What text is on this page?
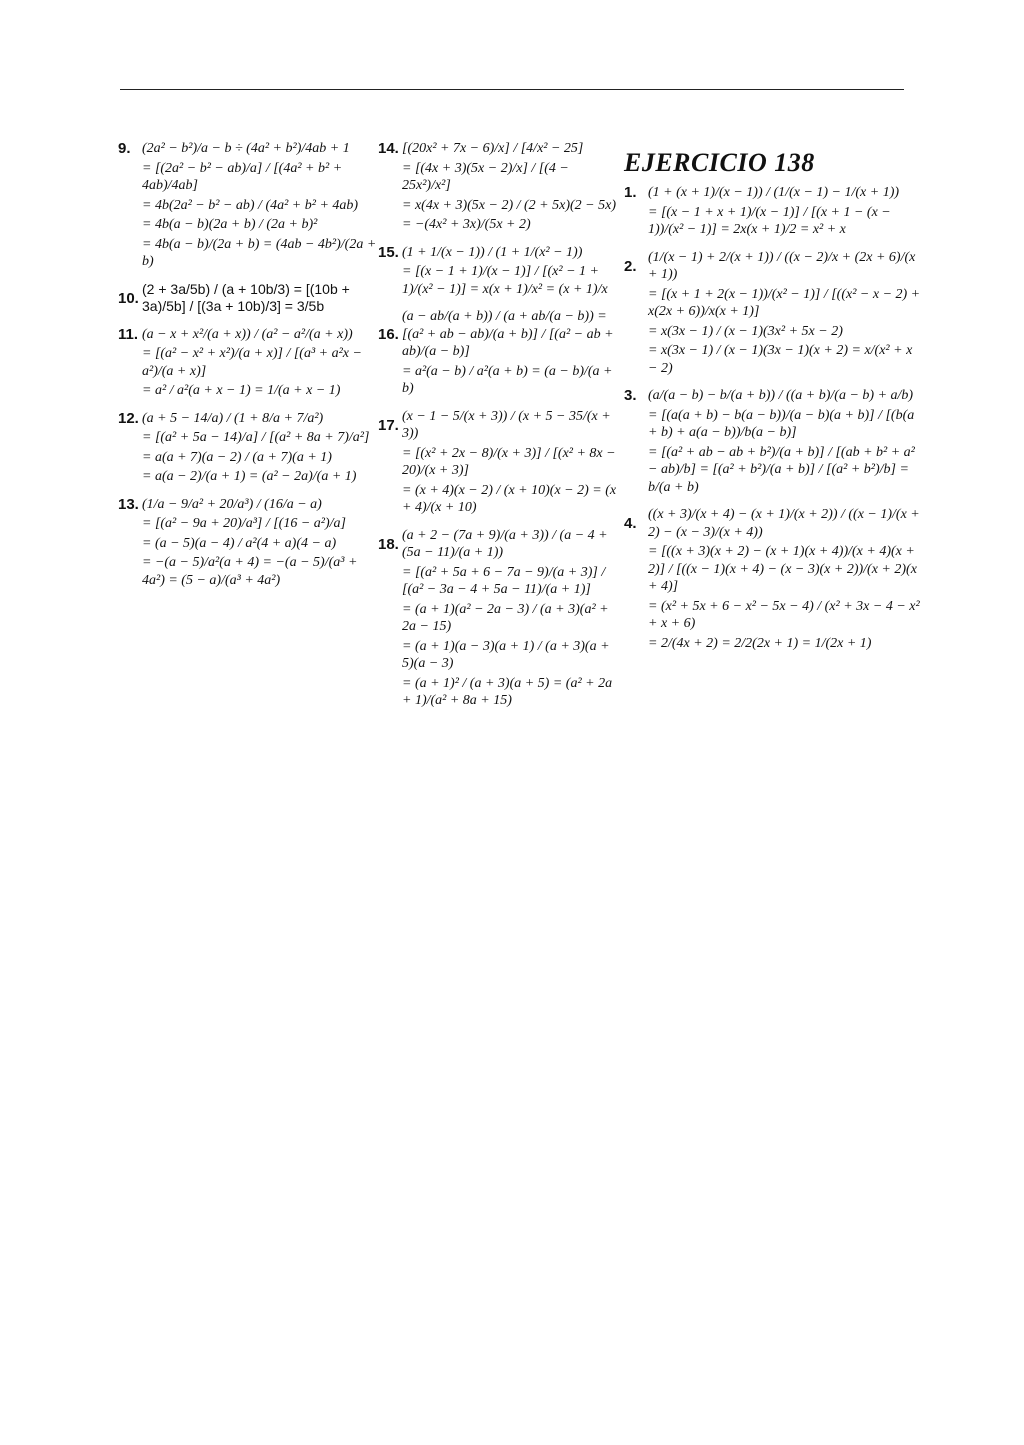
9. (2a² − b²)/a − b ÷ (4a² + b²)/4ab + 1
= [(2a² − b² − ab)/a] / [(4a² + b² + 4ab)/4ab]
= 4b(2a² − b² − ab) / (4a² + b² + 4ab)
= 4b(a − b)(2a + b) / (2a + b)²
= 4b(a − b)/(2a + b) = (4ab − 4b²)/(2a + b)
10.
(2 + 3a/5b) / (a + 10b/3) = [(10b + 3a)/5b] / [(3a + 10b)/3] = 3/5b
11. (a − x + x²/(a + x)) / (a² − a²/(a + x))
= [(a² − x² + x²)/(a + x)] / [(a³ + a²x − a²)/(a + x)]
= a² / a²(a + x − 1) = 1/(a + x − 1)
12. (a + 5 − 14/a) / (1 + 8/a + 7/a²)
= [(a² + 5a − 14)/a] / [(a² + 8a + 7)/a²]
= a(a + 7)(a − 2) / (a + 7)(a + 1)
= a(a − 2)/(a + 1) = (a² − 2a)/(a + 1)
13. (1/a − 9/a² + 20/a³) / (16/a − a)
= [(a² − 9a + 20)/a³] / [(16 − a²)/a]
= (a − 5)(a − 4) / a²(4 + a)(4 − a)
= −(a − 5)/a²(a + 4) = −(a − 5)/(a³ + 4a²) = (5 − a)/(a³ + 4a²)
14. [(20x² + 7x − 6)/x] / [4/x² − 25]
= [(4x + 3)(5x − 2)/x] / [(4 − 25x²)/x²]
= x(4x + 3)(5x − 2) / (2 + 5x)(2 − 5x)
= −(4x² + 3x)/(5x + 2)
15. (1 + 1/(x − 1)) / (1 + 1/(x² − 1))
= [(x − 1 + 1)/(x − 1)] / [(x² − 1 + 1)/(x² − 1)] = x(x + 1)/x² = (x + 1)/x
16.
(a − ab/(a + b)) / (a + ab/(a − b)) = [(a² + ab − ab)/(a + b)] / [(a² − ab + ab)/(a − b)]
= a²(a − b) / a²(a + b) = (a − b)/(a + b)
17.
(x − 1 − 5/(x + 3)) / (x + 5 − 35/(x + 3))
= [(x² + 2x − 8)/(x + 3)] / [(x² + 8x − 20)/(x + 3)]
= (x + 4)(x − 2) / (x + 10)(x − 2) = (x + 4)/(x + 10)
18.
(a + 2 − (7a + 9)/(a + 3)) / (a − 4 + (5a − 11)/(a + 1))
= [(a² + 5a + 6 − 7a − 9)/(a + 3)] / [(a² − 3a − 4 + 5a − 11)/(a + 1)]
= (a + 1)(a² − 2a − 3) / (a + 3)(a² + 2a − 15)
= (a + 1)(a − 3)(a + 1) / (a + 3)(a + 5)(a − 3)
= (a + 1)² / (a + 3)(a + 5) = (a² + 2a + 1)/(a² + 8a + 15)
EJERCICIO 138
1. (1 + (x + 1)/(x − 1)) / (1/(x − 1) − 1/(x + 1))
= [(x − 1 + x + 1)/(x − 1)] / [(x + 1 − (x − 1))/(x² − 1)] = 2x(x + 1)/2 = x² + x
2.
(1/(x − 1) + 2/(x + 1)) / ((x − 2)/x + (2x + 6)/(x + 1))
= [(x + 1 + 2(x − 1))/(x² − 1)] / [((x² − x − 2) + x(2x + 6))/x(x + 1)]
= x(3x − 1) / (x − 1)(3x² + 5x − 2)
= x(3x − 1) / (x − 1)(3x − 1)(x + 2) = x/(x² + x − 2)
3. (a/(a − b) − b/(a + b)) / ((a + b)/(a − b) + a/b)
= [(a(a + b) − b(a − b))/(a − b)(a + b)] / [(b(a + b) + a(a − b))/b(a − b)]
= [(a² + ab − ab + b²)/(a + b)] / [(ab + b² + a² − ab)/b] = [(a² + b²)/(a + b)] / [(a² + b²)/b] = b/(a + b)
4.
((x + 3)/(x + 4) − (x + 1)/(x + 2)) / ((x − 1)/(x + 2) − (x − 3)/(x + 4))
= [((x + 3)(x + 2) − (x + 1)(x + 4))/(x + 4)(x + 2)] / [((x − 1)(x + 4) − (x − 3)(x + 2))/(x + 2)(x + 4)]
= (x² + 5x + 6 − x² − 5x − 4) / (x² + 3x − 4 − x² + x + 6)
= 2/(4x + 2) = 2/2(2x + 1) = 1/(2x + 1)
